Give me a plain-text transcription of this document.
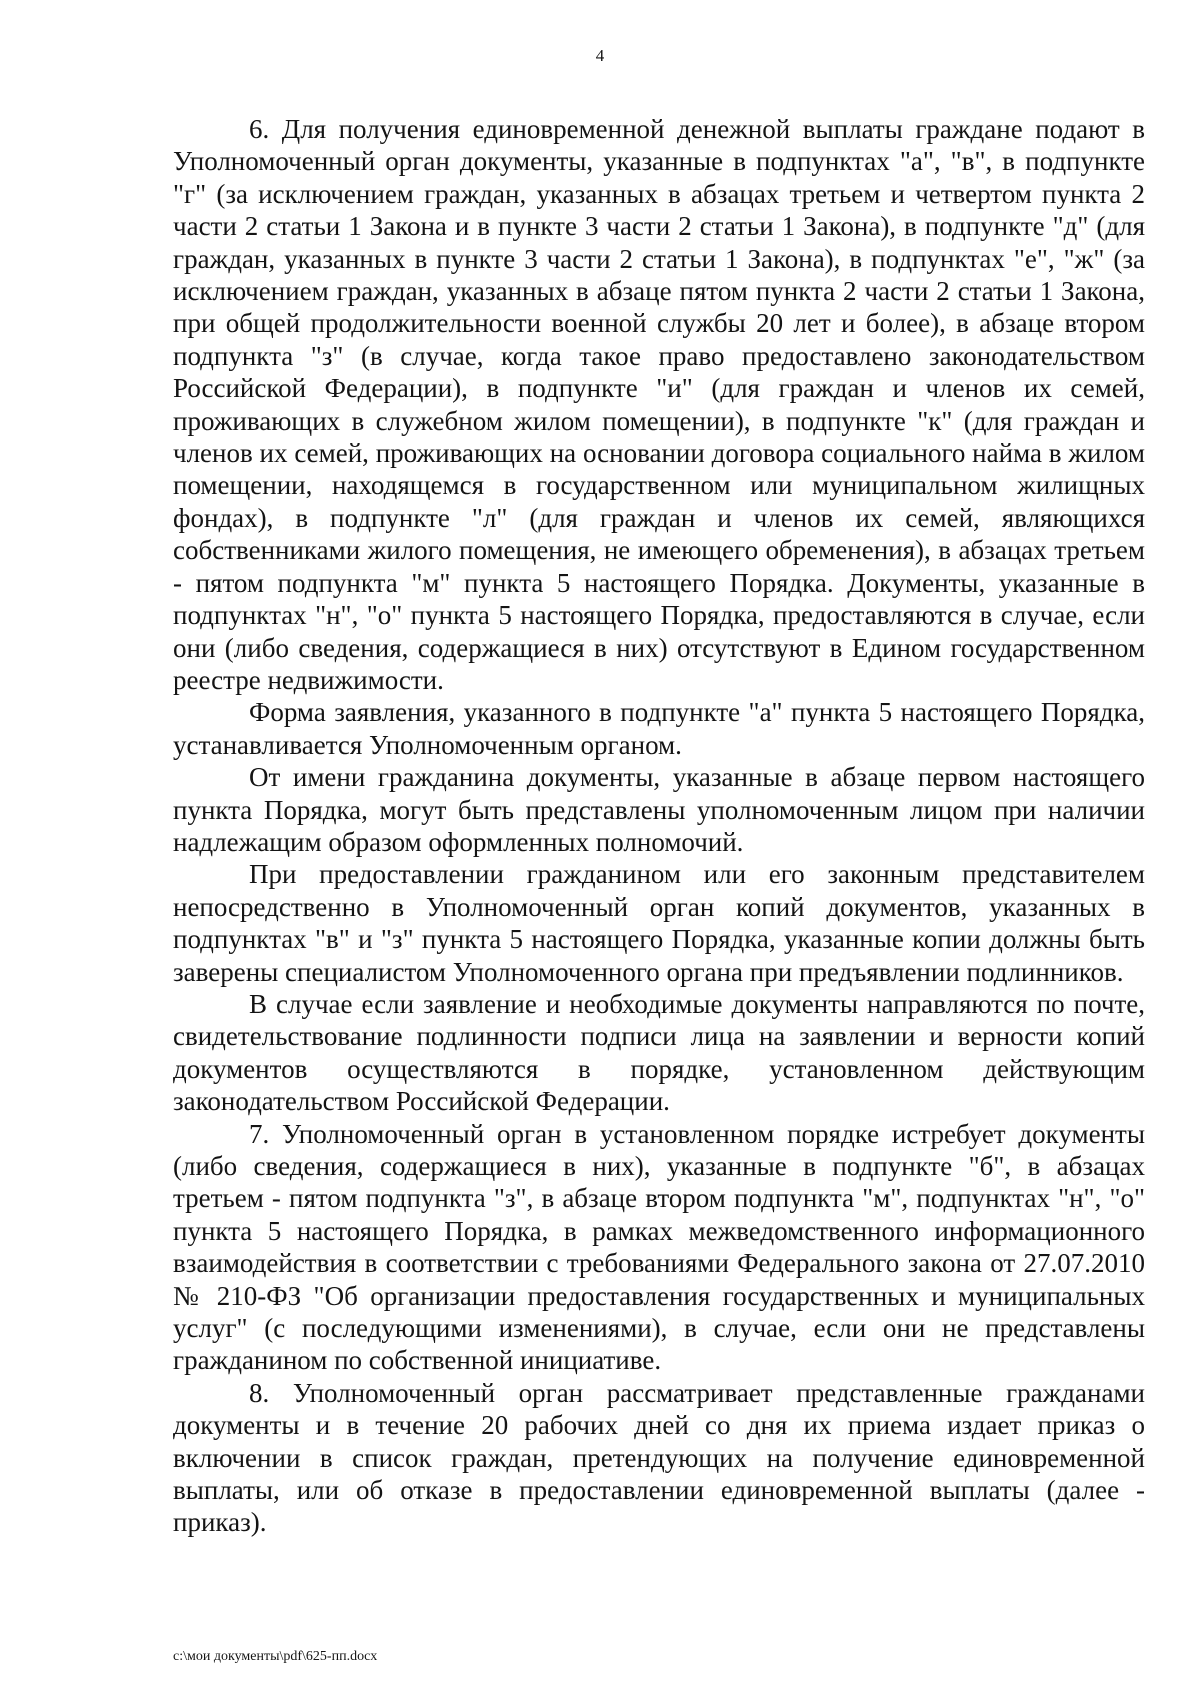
4

6. Для получения единовременной денежной выплаты граждане подают в Уполномоченный орган документы, указанные в подпунктах "а", "в", в подпункте "г" (за исключением граждан, указанных в абзацах третьем и четвертом пункта 2 части 2 статьи 1 Закона и в пункте 3 части 2 статьи 1 Закона), в подпункте "д" (для граждан, указанных в пункте 3 части 2 статьи 1 Закона), в подпунктах "е", "ж" (за исключением граждан, указанных в абзаце пятом пункта 2 части 2 статьи 1 Закона, при общей продолжительности военной службы 20 лет и более), в абзаце втором подпункта "з" (в случае, когда такое право предоставлено законодательством Российской Федерации), в подпункте "и" (для граждан и членов их семей, проживающих в служебном жилом помещении), в подпункте "к" (для граждан и членов их семей, проживающих на основании договора социального найма в жилом помещении, находящемся в государственном или муниципальном жилищных фондах), в подпункте "л" (для граждан и членов их семей, являющихся собственниками жилого помещения, не имеющего обременения), в абзацах третьем - пятом подпункта "м" пункта 5 настоящего Порядка. Документы, указанные в подпунктах "н", "о" пункта 5 настоящего Порядка, предоставляются в случае, если они (либо сведения, содержащиеся в них) отсутствуют в Едином государственном реестре недвижимости.

Форма заявления, указанного в подпункте "а" пункта 5 настоящего Порядка, устанавливается Уполномоченным органом.

От имени гражданина документы, указанные в абзаце первом настоящего пункта Порядка, могут быть представлены уполномоченным лицом при наличии надлежащим образом оформленных полномочий.

При предоставлении гражданином или его законным представителем непосредственно в Уполномоченный орган копий документов, указанных в подпунктах "в" и "з" пункта 5 настоящего Порядка, указанные копии должны быть заверены специалистом Уполномоченного органа при предъявлении подлинников.

В случае если заявление и необходимые документы направляются по почте, свидетельствование подлинности подписи лица на заявлении и верности копий документов осуществляются в порядке, установленном действующим законодательством Российской Федерации.

7. Уполномоченный орган в установленном порядке истребует документы (либо сведения, содержащиеся в них), указанные в подпункте "б", в абзацах третьем - пятом подпункта "з", в абзаце втором подпункта "м", подпунктах "н", "о" пункта 5 настоящего Порядка, в рамках межведомственного информационного взаимодействия в соответствии с требованиями Федерального закона от 27.07.2010 № 210-ФЗ "Об организации предоставления государственных и муниципальных услуг" (с последующими изменениями), в случае, если они не представлены гражданином по собственной инициативе.

8. Уполномоченный орган рассматривает представленные гражданами документы и в течение 20 рабочих дней со дня их приема издает приказ о включении в список граждан, претендующих на получение единовременной выплаты, или об отказе в предоставлении единовременной выплаты (далее - приказ).

c:\мои документы\pdf\625-пп.docx
